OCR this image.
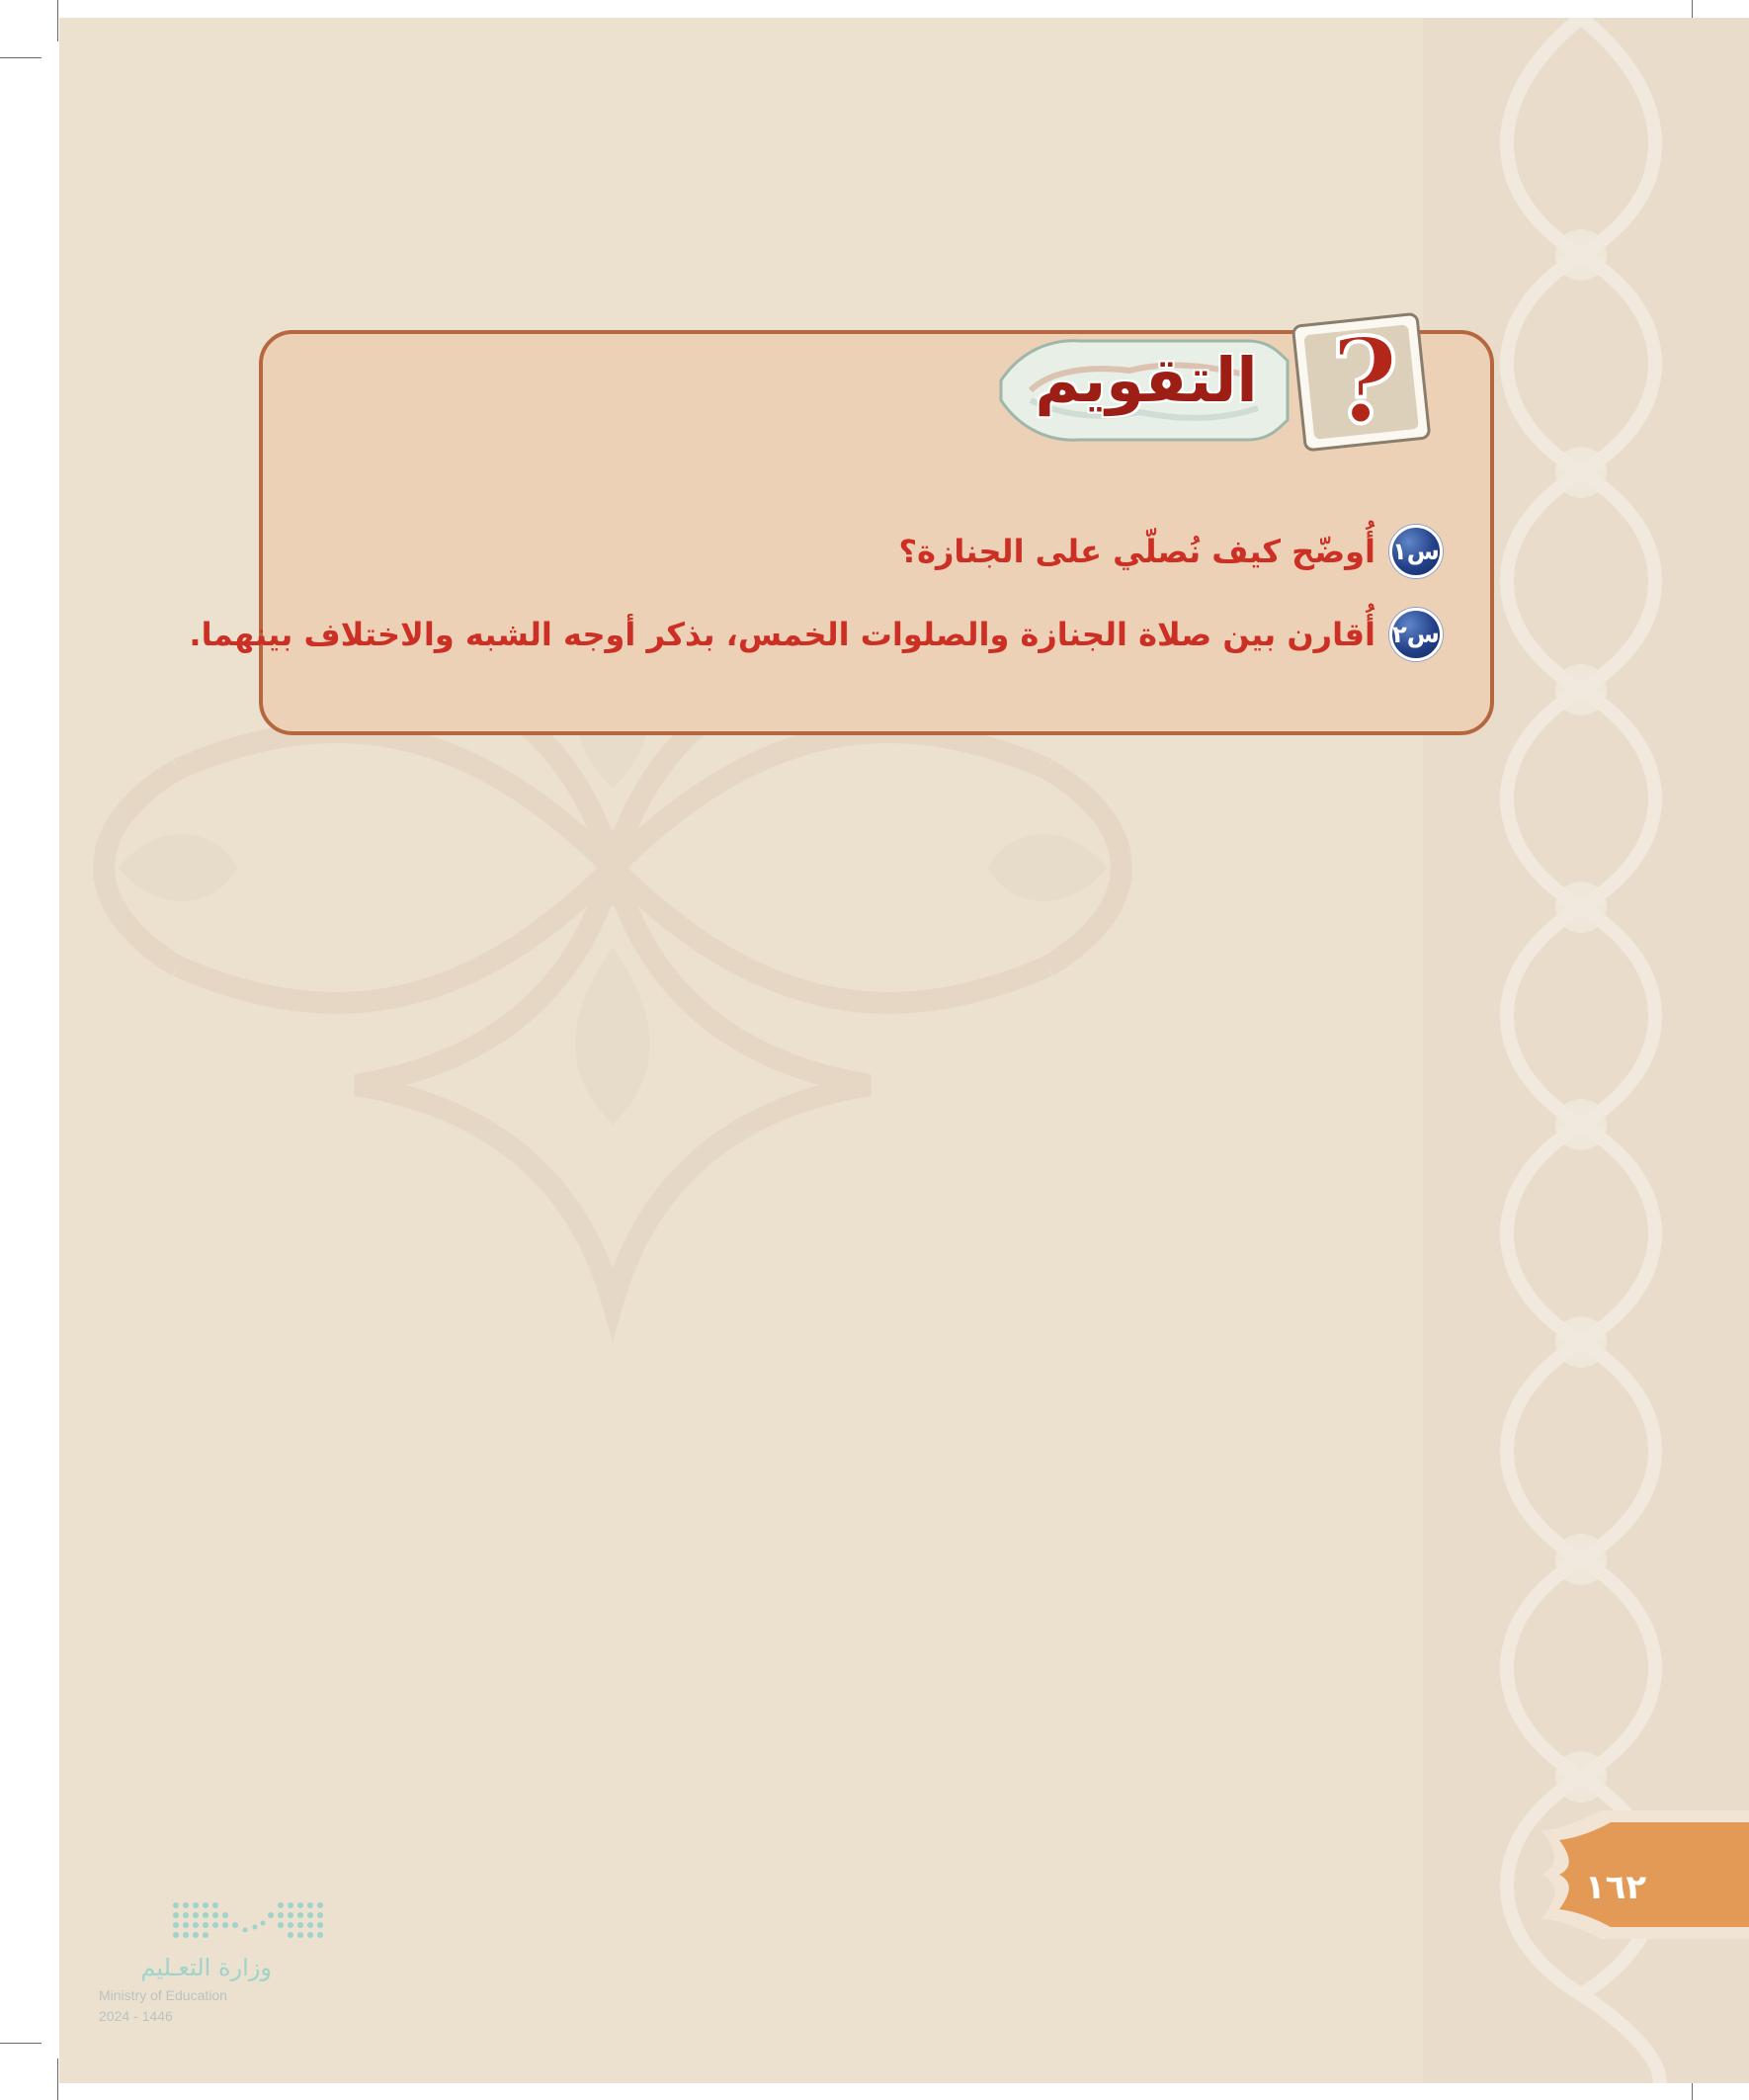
?
التقويم
س١
أُوضّح كيف نُصلّي على الجنازة؟
س٢
أُقارن بين صلاة الجنازة والصلوات الخمس، بذكر أوجه الشبه والاختلاف بينهما.
١٦٢
وزارة التعـليم
Ministry of Education
2024 - 1446
